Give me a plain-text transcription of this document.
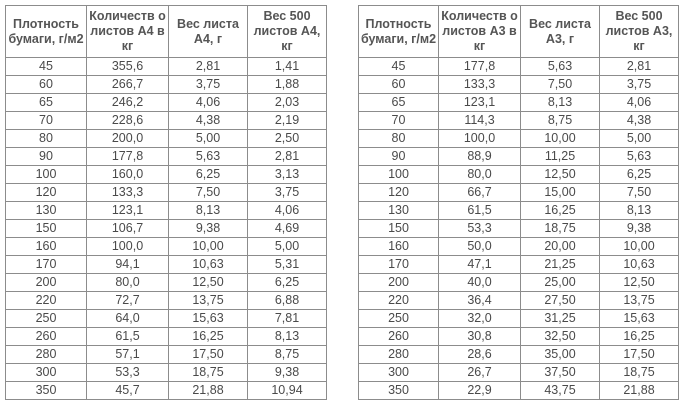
Плотность бумаги, г/м2	Количеств о листов А4 в кг	Вес листа А4, г	Вес 500 листов А4, кг

45	355,6	2,81	1,41
60	266,7	3,75	1,88
65	246,2	4,06	2,03
70	228,6	4,38	2,19
80	200,0	5,00	2,50
90	177,8	5,63	2,81
100	160,0	6,25	3,13
120	133,3	7,50	3,75
130	123,1	8,13	4,06
150	106,7	9,38	4,69
160	100,0	10,00	5,00
170	94,1	10,63	5,31
200	80,0	12,50	6,25
220	72,7	13,75	6,88
250	64,0	15,63	7,81
260	61,5	16,25	8,13
280	57,1	17,50	8,75
300	53,3	18,75	9,38
350	45,7	21,88	10,94
Плотность бумаги, г/м2	Количеств о листов А3 в кг	Вес листа А3, г	Вес 500 листов А3, кг

45	177,8	5,63	2,81
60	133,3	7,50	3,75
65	123,1	8,13	4,06
70	114,3	8,75	4,38
80	100,0	10,00	5,00
90	88,9	11,25	5,63
100	80,0	12,50	6,25
120	66,7	15,00	7,50
130	61,5	16,25	8,13
150	53,3	18,75	9,38
160	50,0	20,00	10,00
170	47,1	21,25	10,63
200	40,0	25,00	12,50
220	36,4	27,50	13,75
250	32,0	31,25	15,63
260	30,8	32,50	16,25
280	28,6	35,00	17,50
300	26,7	37,50	18,75
350	22,9	43,75	21,88
